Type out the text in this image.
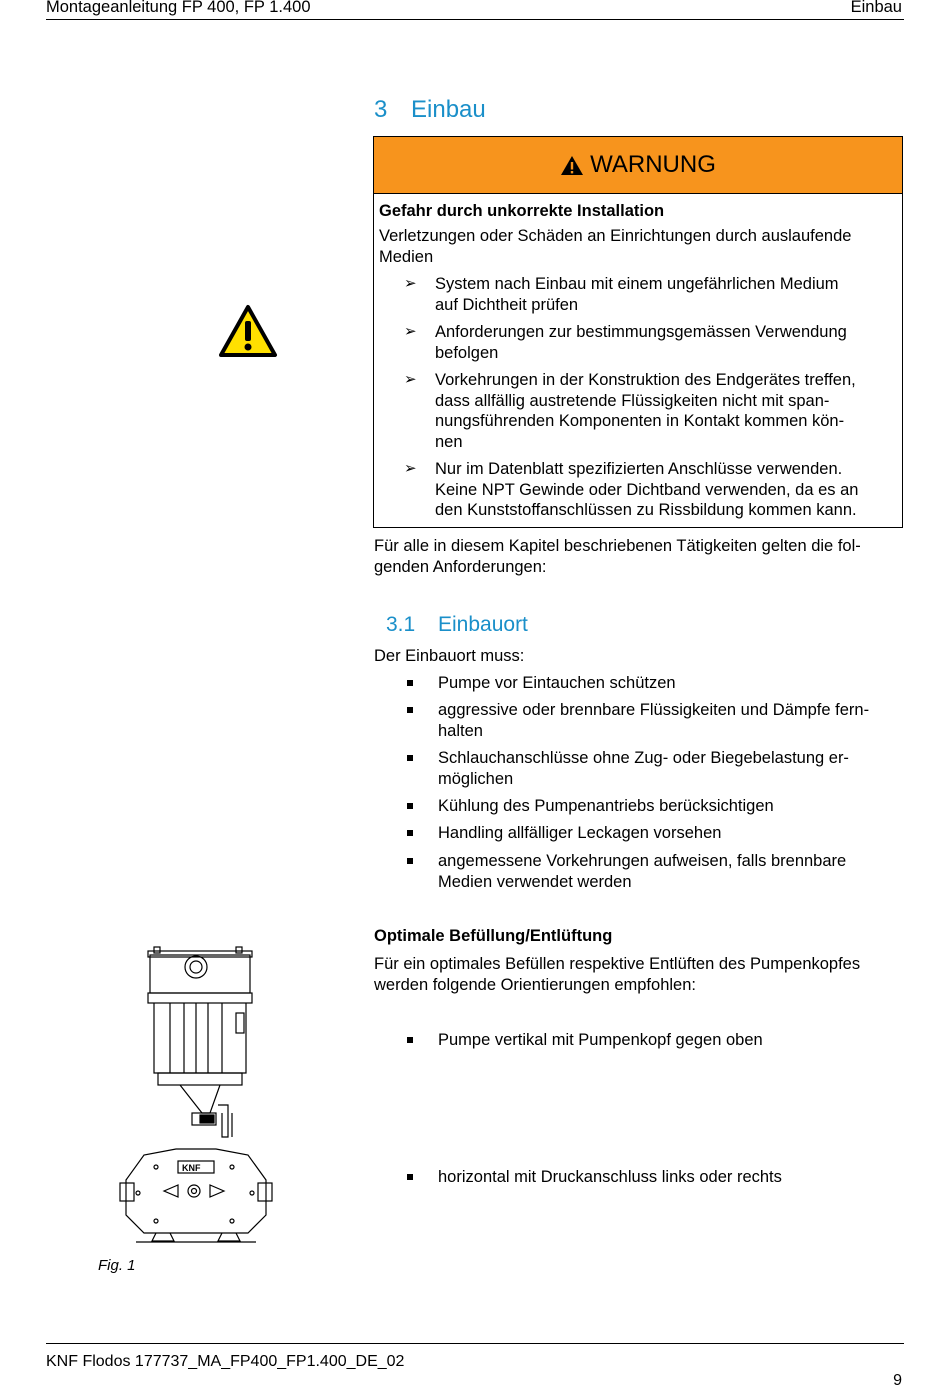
Montageanleitung FP 400, FP 1.400	Einbau
3 Einbau
WARNUNG
Gefahr durch unkorrekte Installation
Verletzungen oder Schäden an Einrichtungen durch auslaufende
Medien
➢ System nach Einbau mit einem ungefährlichen Medium
auf Dichtheit prüfen
➢ Anforderungen zur bestimmungsgemässen Verwendung
befolgen
➢ Vorkehrungen in der Konstruktion des Endgerätes treffen,
dass allfällig austretende Flüssigkeiten nicht mit span-
nungsführenden Komponenten in Kontakt kommen kön-
nen
➢ Nur im Datenblatt spezifizierten Anschlüsse verwenden.
Keine NPT Gewinde oder Dichtband verwenden, da es an
den Kunststoffanschlüssen zu Rissbildung kommen kann.
Für alle in diesem Kapitel beschriebenen Tätigkeiten gelten die fol-
genden Anforderungen:
3.1 Einbauort
Der Einbauort muss:
Pumpe vor Eintauchen schützen
aggressive oder brennbare Flüssigkeiten und Dämpfe fern-
halten
Schlauchanschlüsse ohne Zug- oder Biegebelastung er-
möglichen
Kühlung des Pumpenantriebs berücksichtigen
Handling allfälliger Leckagen vorsehen
angemessene Vorkehrungen aufweisen, falls brennbare
Medien verwendet werden
Optimale Befüllung/Entlüftung
Für ein optimales Befüllen respektive Entlüften des Pumpenkopfes
werden folgende Orientierungen empfohlen:
Pumpe vertikal mit Pumpenkopf gegen oben
horizontal mit Druckanschluss links oder rechts
KNF
Fig. 1
KNF Flodos 177737_MA_FP400_FP1.400_DE_02
9
